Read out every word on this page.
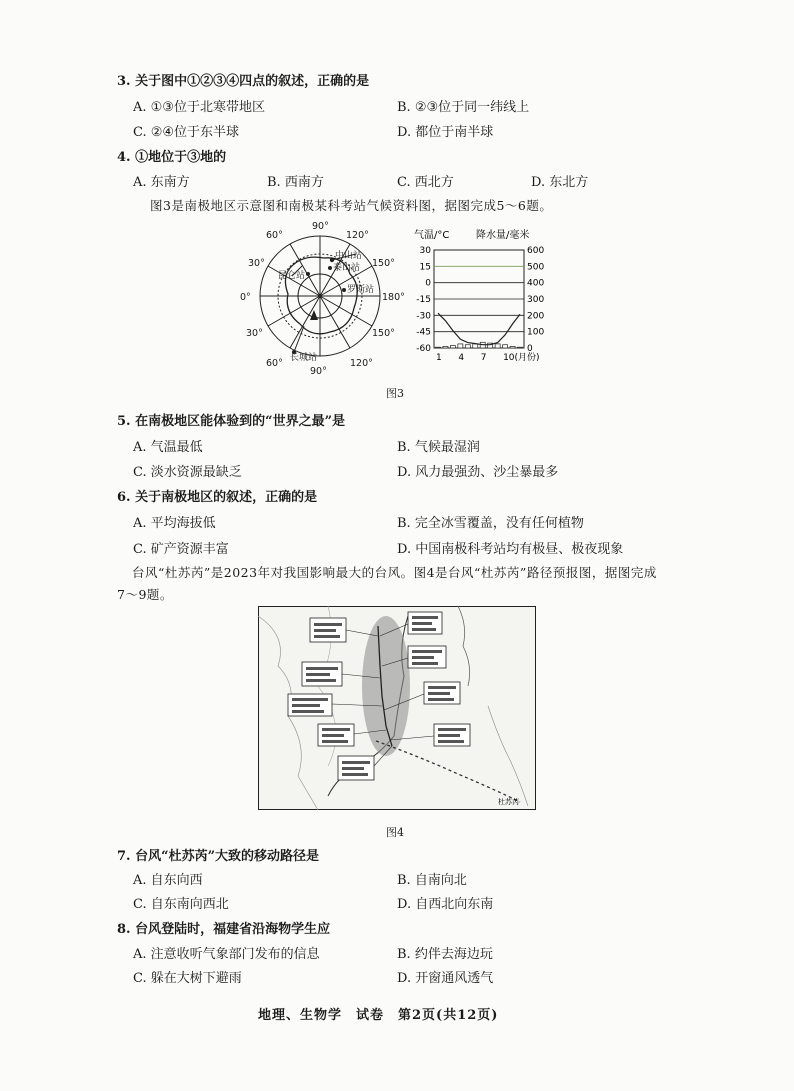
3. 关于图中①②③④四点的叙述，正确的是
A. ①③位于北寒带地区	B. ②③位于同一纬线上
C. ②④位于东半球	D. 都位于南半球
4. ①地位于③地的
A. 东南方	B. 西南方	C. 西北方	D. 东北方
图3是南极地区示意图和南极某科考站气候资料图，据图完成5～6题。
90°
60°
30°
0°
30°
60°
90°
120°
150°
180°
150°
120°
中山站
泰山站
昆仑站
罗斯站
长城站
气温/°C	降水量/毫米
30
15
0
-15
-30
-45
-60
600
500
400
300
200
100
0
1 4 7 10(月份)
图3
5. 在南极地区能体验到的“世界之最”是
A. 气温最低	B. 气候最湿润
C. 淡水资源最缺乏	D. 风力最强劲、沙尘暴最多
6. 关于南极地区的叙述，正确的是
A. 平均海拔低	B. 完全冰雪覆盖，没有任何植物
C. 矿产资源丰富	D. 中国南极科考站均有极昼、极夜现象
台风“杜苏芮”是2023年对我国影响最大的台风。图4是台风“杜苏芮”路径预报图，据图完成
7～9题。
杜苏芮
图4
7. 台风“杜苏芮”大致的移动路径是
A. 自东向西	B. 自南向北
C. 自东南向西北	D. 自西北向东南
8. 台风登陆时，福建省沿海物学生应
A. 注意收听气象部门发布的信息	B. 约伴去海边玩
C. 躲在大树下避雨	D. 开窗通风透气
地理、生物学　试卷　第2页(共12页)
